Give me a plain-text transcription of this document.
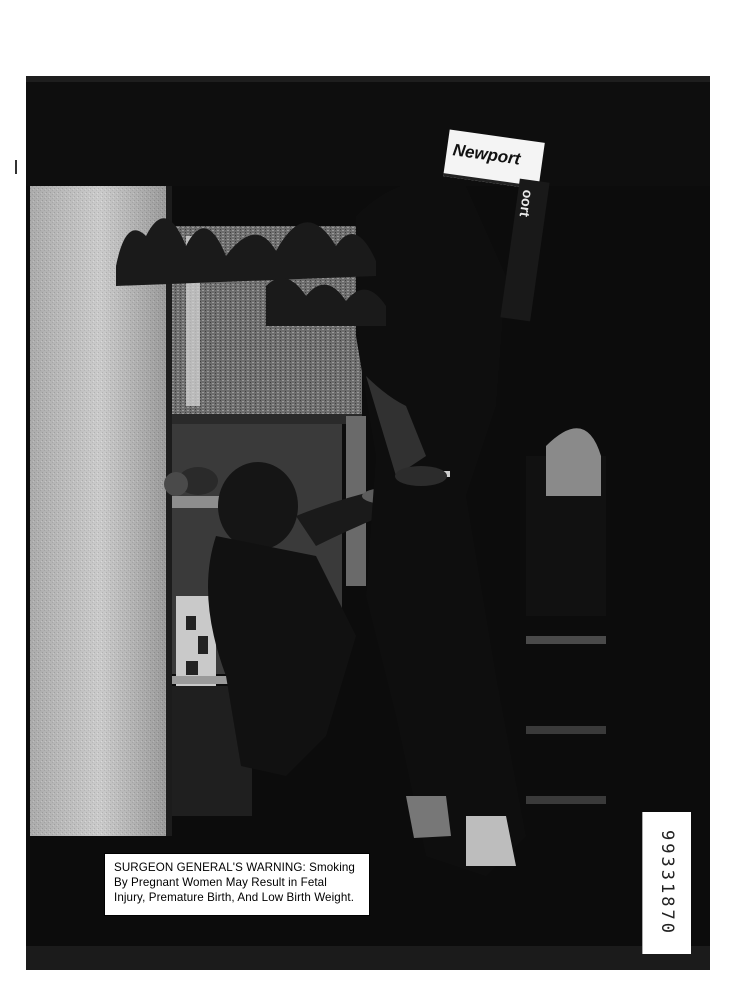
Newport
oort

SURGEON GENERAL'S WARNING: Smoking

By Pregnant Women May Result in Fetal

Injury, Premature Birth, And Low Birth Weight.	99331870
